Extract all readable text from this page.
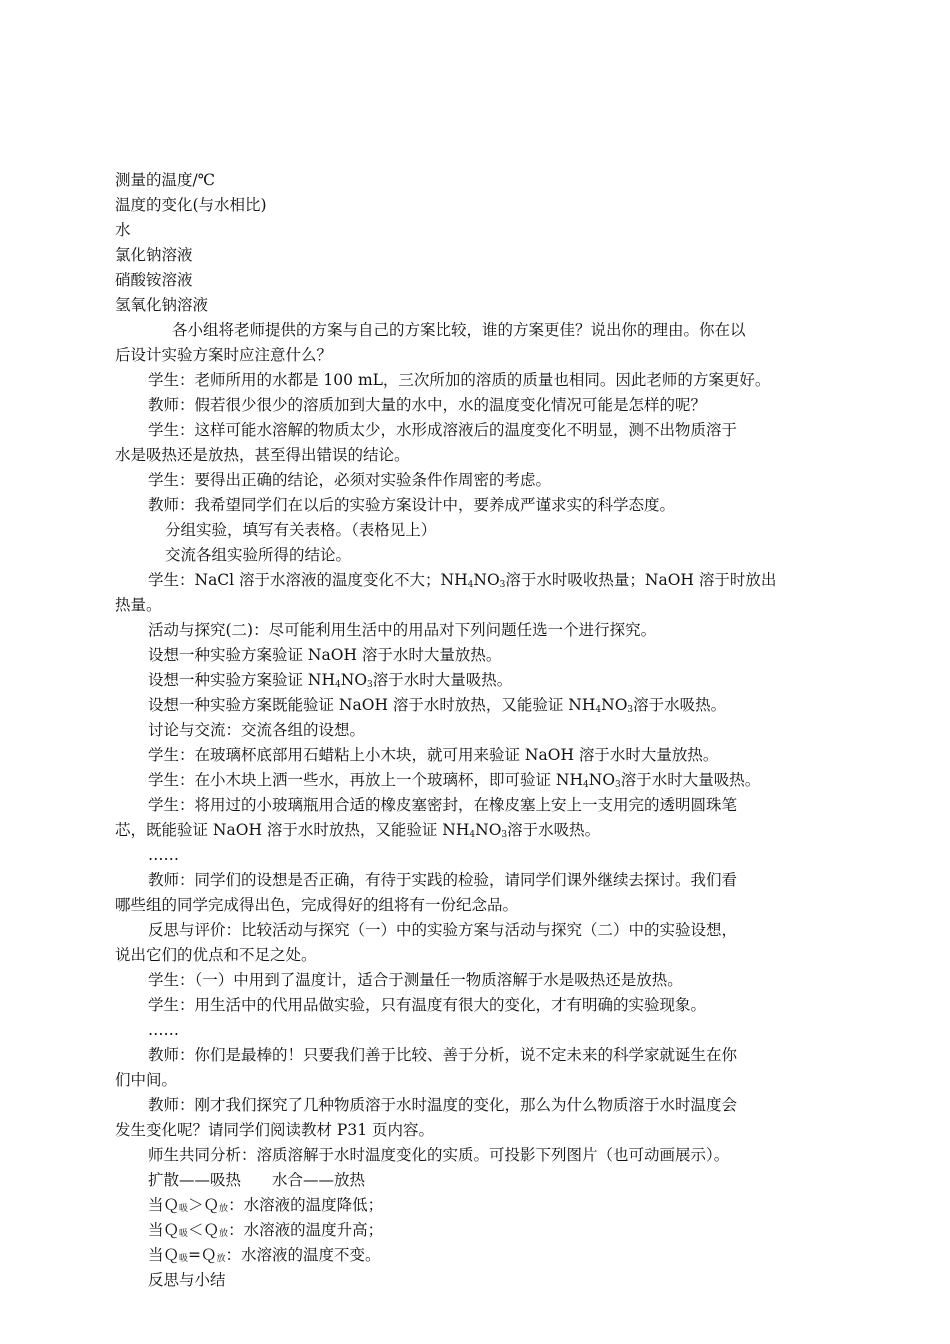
测量的温度/℃
温度的变化(与水相比)
水
氯化钠溶液
硝酸铵溶液
氢氧化钠溶液
各小组将老师提供的方案与自己的方案比较，谁的方案更佳？说出你的理由。你在以
后设计实验方案时应注意什么？
学生：老师所用的水都是 100 mL，三次所加的溶质的质量也相同。因此老师的方案更好。
教师：假若很少很少的溶质加到大量的水中，水的温度变化情况可能是怎样的呢？
学生：这样可能水溶解的物质太少，水形成溶液后的温度变化不明显，测不出物质溶于
水是吸热还是放热，甚至得出错误的结论。
学生：要得出正确的结论，必须对实验条件作周密的考虑。
教师：我希望同学们在以后的实验方案设计中，要养成严谨求实的科学态度。
分组实验，填写有关表格。（表格见上）
交流各组实验所得的结论。
学生：NaCl 溶于水溶液的温度变化不大；$NH_4NO_3$溶于水时吸收热量；NaOH 溶于时放出
热量。
活动与探究(二)：尽可能利用生活中的用品对下列问题任选一个进行探究。
设想一种实验方案验证 NaOH 溶于水时大量放热。
设想一种实验方案验证 $NH_4NO_3$溶于水时大量吸热。
设想一种实验方案既能验证 NaOH 溶于水时放热，又能验证 $NH_4NO_3$溶于水吸热。
讨论与交流：交流各组的设想。
学生：在玻璃杯底部用石蜡粘上小木块，就可用来验证 NaOH 溶于水时大量放热。
学生：在小木块上洒一些水，再放上一个玻璃杯，即可验证 $NH_4NO_3$溶于水时大量吸热。
学生：将用过的小玻璃瓶用合适的橡皮塞密封，在橡皮塞上安上一支用完的透明圆珠笔
芯，既能验证 NaOH 溶于水时放热，又能验证 $NH_4NO_3$溶于水吸热。
……
教师：同学们的设想是否正确，有待于实践的检验，请同学们课外继续去探讨。我们看
哪些组的同学完成得出色，完成得好的组将有一份纪念品。
反思与评价：比较活动与探究（一）中的实验方案与活动与探究（二）中的实验设想，
说出它们的优点和不足之处。
学生：（一）中用到了温度计，适合于测量任一物质溶解于水是吸热还是放热。
学生：用生活中的代用品做实验，只有温度有很大的变化，才有明确的实验现象。
……
教师：你们是最棒的！只要我们善于比较、善于分析，说不定未来的科学家就诞生在你
们中间。
教师：刚才我们探究了几种物质溶于水时温度的变化，那么为什么物质溶于水时温度会
发生变化呢？请同学们阅读教材 P31 页内容。
师生共同分析：溶质溶解于水时温度变化的实质。可投影下列图片（也可动画展示）。
扩散——吸热　　水合——放热
当Ｑ吸＞Ｑ放：水溶液的温度降低；
当Ｑ吸＜Ｑ放：水溶液的温度升高；
当Ｑ吸=Ｑ放：水溶液的温度不变。
反思与小结
